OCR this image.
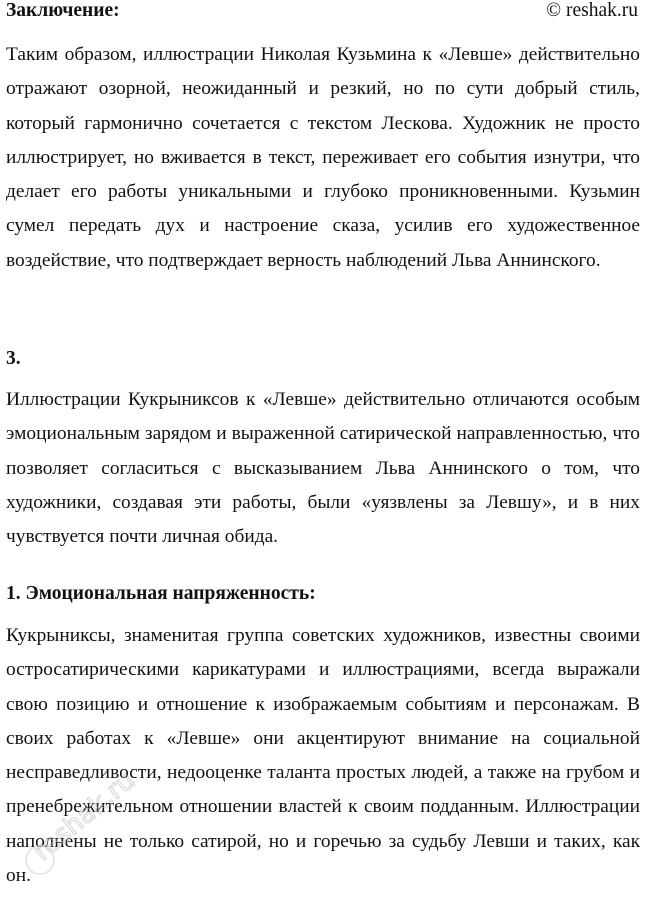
Заключение:	© reshak.ru

Таким образом, иллюстрации Николая Кузьмина к «Левше» действительно отражают озорной, неожиданный и резкий, но по сути добрый стиль, который гармонично сочетается с текстом Лескова. Художник не просто иллюстрирует, но вживается в текст, переживает его события изнутри, что делает его работы уникальными и глубоко проникновенными. Кузьмин сумел передать дух и настроение сказа, усилив его художественное воздействие, что подтверждает верность наблюдений Льва Аннинского.

3.

Иллюстрации Кукрыниксов к «Левше» действительно отличаются особым эмоциональным зарядом и выраженной сатирической направленностью, что позволяет согласиться с высказыванием Льва Аннинского о том, что художники, создавая эти работы, были «уязвлены за Левшу», и в них чувствуется почти личная обида.

1. Эмоциональная напряженность:

Кукрыниксы, знаменитая группа советских художников, известны своими остросатирическими карикатурами и иллюстрациями, всегда выражали свою позицию и отношение к изображаемым событиям и персонажам. В своих работах к «Левше» они акцентируют внимание на социальной несправедливости, недооценке таланта простых людей, а также на грубом и пренебрежительном отношении властей к своим подданным. Иллюстрации наполнены не только сатирой, но и горечью за судьбу Левши и таких, как он.

reshak.ru
